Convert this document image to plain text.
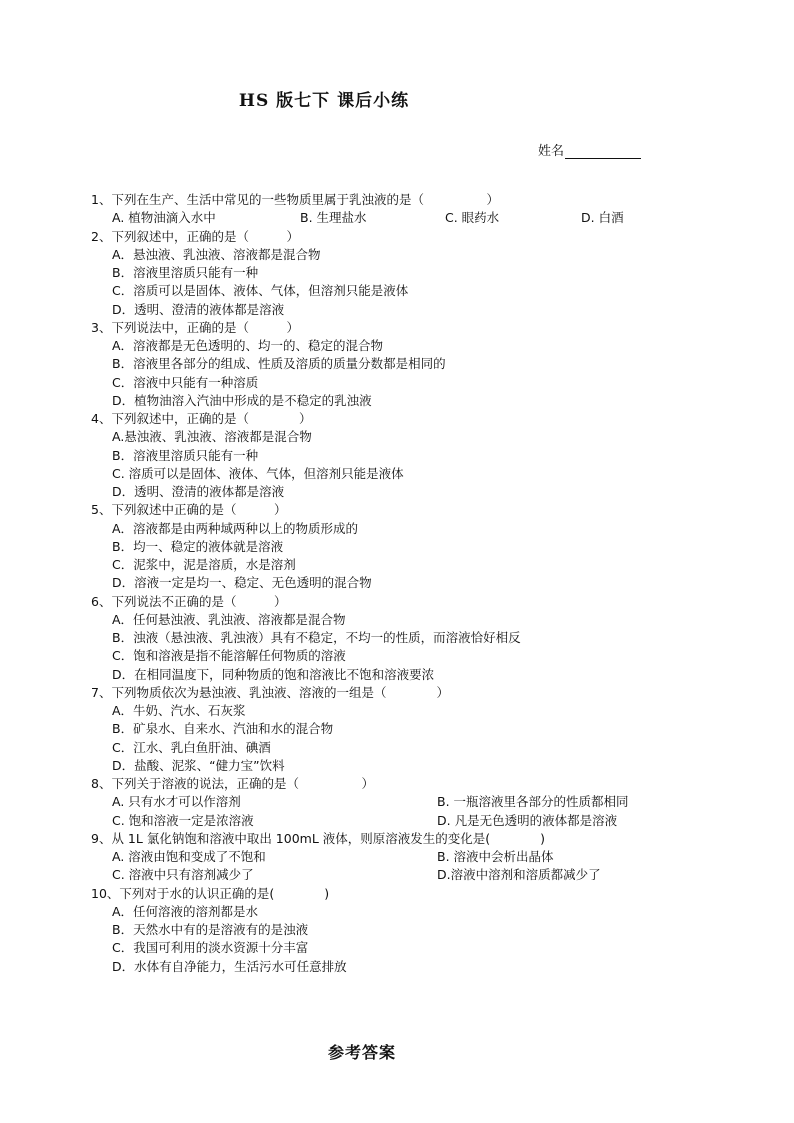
HS 版七下 课后小练
姓名
1、下列在生产、生活中常见的一些物质里属于乳浊液的是（　　　　　）
A. 植物油滴入水中	B. 生理盐水	C. 眼药水	D. 白酒
2、下列叙述中，正确的是（　　　）
A．悬浊液、乳浊液、溶液都是混合物
B．溶液里溶质只能有一种
C．溶质可以是固体、液体、气体，但溶剂只能是液体
D．透明、澄清的液体都是溶液
3、下列说法中，正确的是（　　　）
A．溶液都是无色透明的、均一的、稳定的混合物
B．溶液里各部分的组成、性质及溶质的质量分数都是相同的
C．溶液中只能有一种溶质
D．植物油溶入汽油中形成的是不稳定的乳浊液
4、下列叙述中，正确的是（　　　　）
A.悬浊液、乳浊液、溶液都是混合物
B．溶液里溶质只能有一种
C. 溶质可以是固体、液体、气体，但溶剂只能是液体
D．透明、澄清的液体都是溶液
5、下列叙述中正确的是（　　　）
A．溶液都是由两种域两种以上的物质形成的
B．均一、稳定的液体就是溶液
C．泥浆中，泥是溶质，水是溶剂
D．溶液一定是均一、稳定、无色透明的混合物
6、下列说法不正确的是（　　　）
A．任何悬浊液、乳浊液、溶液都是混合物
B．浊液（悬浊液、乳浊液）具有不稳定，不均一的性质，而溶液恰好相反
C．饱和溶液是指不能溶解任何物质的溶液
D．在相同温度下，同种物质的饱和溶液比不饱和溶液要浓
7、下列物质依次为悬浊液、乳浊液、溶液的一组是（　　　　）
A．牛奶、汽水、石灰浆
B．矿泉水、自来水、汽油和水的混合物
C．江水、乳白鱼肝油、碘酒
D．盐酸、泥浆、“健力宝”饮料
8、下列关于溶液的说法，正确的是（　　　　　）
A. 只有水才可以作溶剂	B. 一瓶溶液里各部分的性质都相同
C. 饱和溶液一定是浓溶液	D. 凡是无色透明的液体都是溶液
9、从 1L 氯化钠饱和溶液中取出 100mL 液体，则原溶液发生的变化是(　　　　)
A. 溶液由饱和变成了不饱和	B. 溶液中会析出晶体
C. 溶液中只有溶剂减少了	D.溶液中溶剂和溶质都减少了
10、下列对于水的认识正确的是(　　　　)
A．任何溶液的溶剂都是水
B．天然水中有的是溶液有的是浊液
C．我国可利用的淡水资源十分丰富
D．水体有自净能力，生活污水可任意排放
参考答案
